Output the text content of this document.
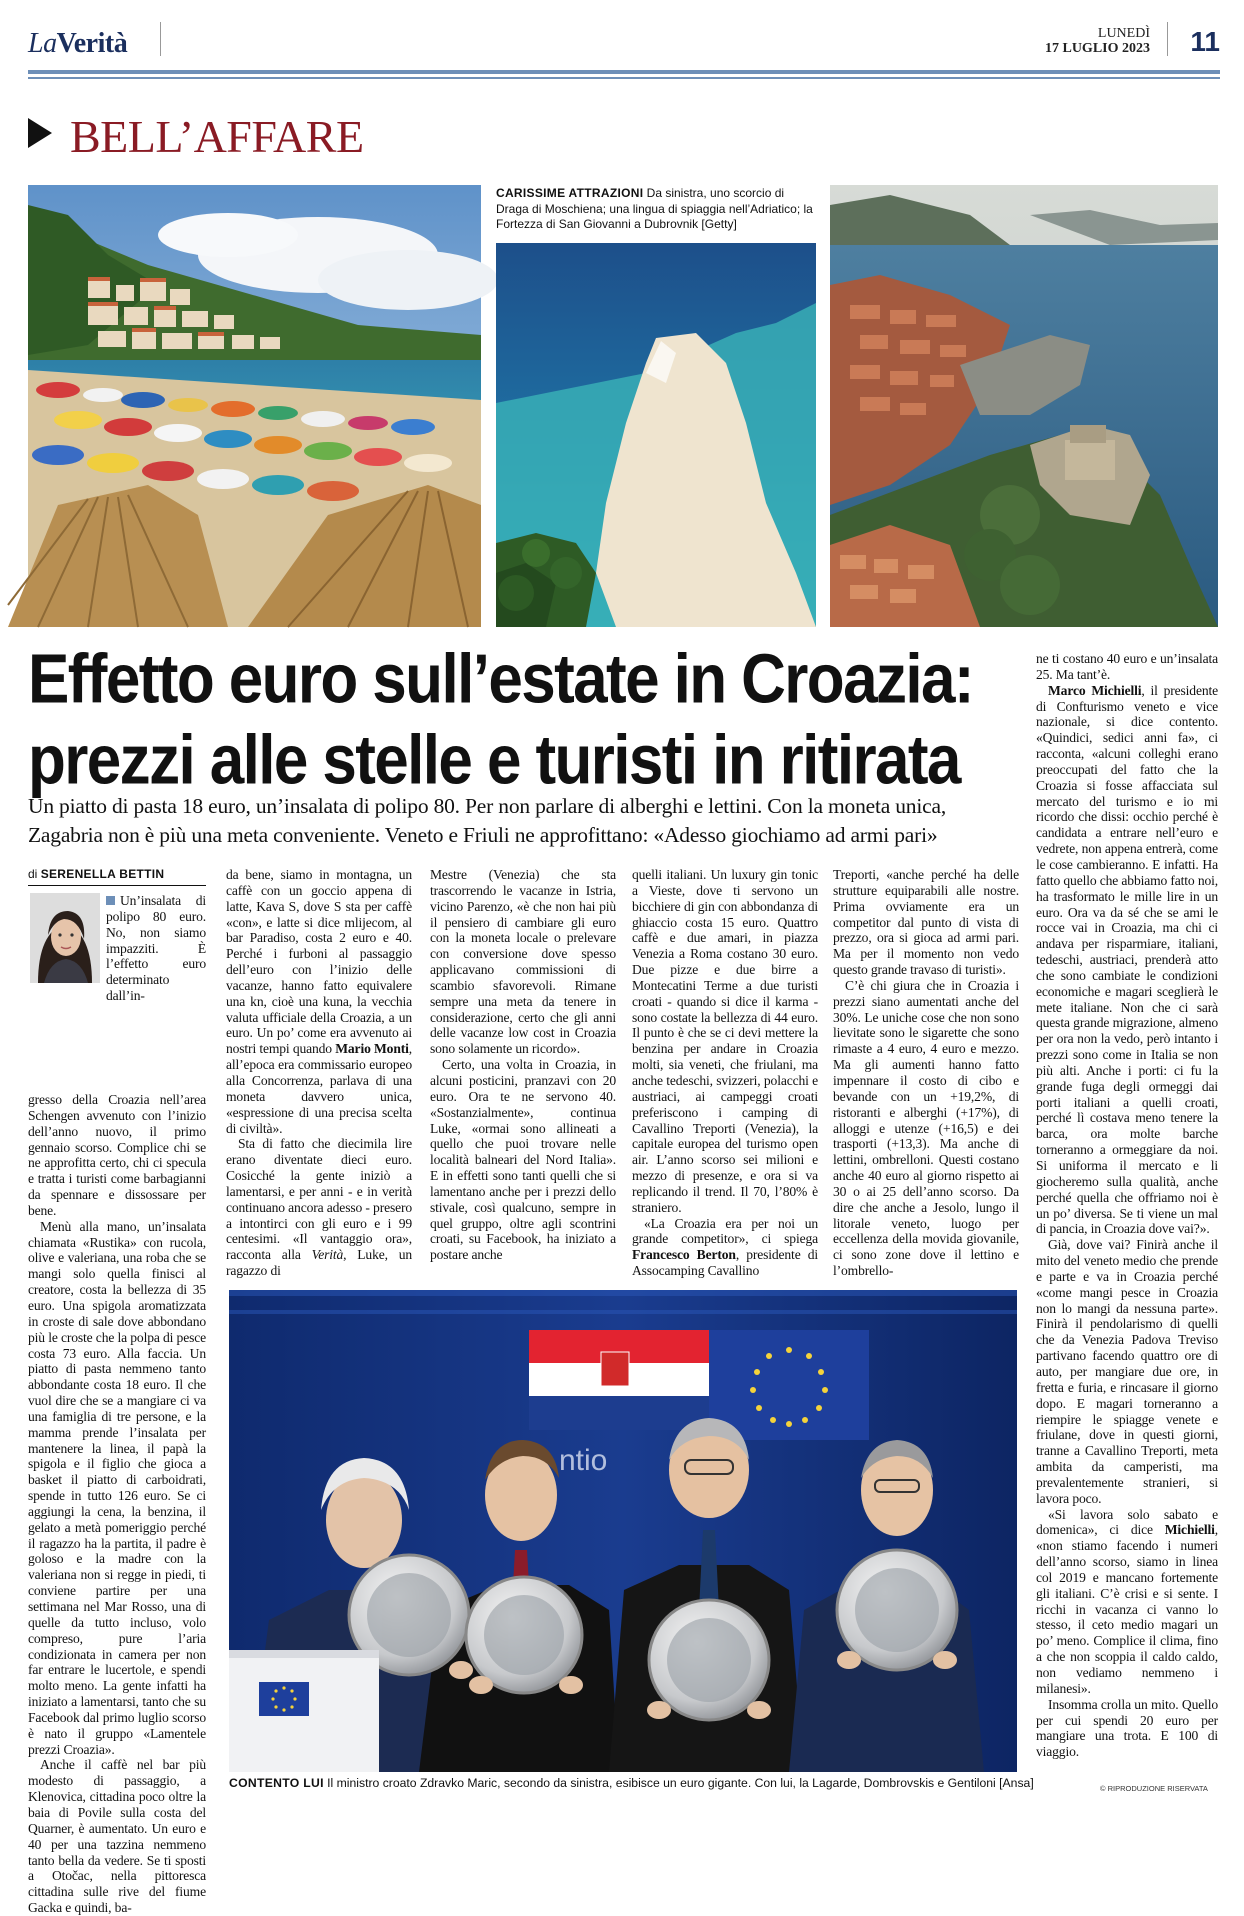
LaVerità	LUNEDÌ
17 LUGLIO 2023 11
BELL’AFFARE
CARISSIME ATTRAZIONI Da sinistra, uno scorcio di Draga di Moschiena; una lingua di spiaggia nell’Adriatico; la Fortezza di San Giovanni a Dubrovnik [Getty]
Effetto euro sull’estate in Croazia:
prezzi alle stelle e turisti in ritirata
Un piatto di pasta 18 euro, un’insalata di polipo 80. Per non parlare di alberghi e lettini. Con la moneta unica, Zagabria non è più una meta conveniente. Veneto e Friuli ne approfittano: «Adesso giochiamo ad armi pari»
di SERENELLA BETTIN

Un’insalata di polipo 80 euro. No, non siamo impazziti. È l’effetto euro determinato dall’in-

gresso della Croazia nell’area Schengen avvenuto con l’inizio dell’anno nuovo, il primo gennaio scorso. Complice chi se ne approfitta certo, chi ci specula e tratta i turisti come barbagianni da spennare e dissossare per bene.

Menù alla mano, un’insalata chiamata «Rustika» con rucola, olive e valeriana, una roba che se mangi solo quella finisci al creatore, costa la bellezza di 35 euro. Una spigola aromatizzata in croste di sale dove abbondano più le croste che la polpa di pesce costa 73 euro. Alla faccia. Un piatto di pasta nemmeno tanto abbondante costa 18 euro. Il che vuol dire che se a mangiare ci va una famiglia di tre persone, e la mamma prende l’insalata per mantenere la linea, il papà la spigola e il figlio che gioca a basket il piatto di carboidrati, spende in tutto 126 euro. Se ci aggiungi la cena, la benzina, il gelato a metà pomeriggio perché il ragazzo ha la partita, il padre è goloso e la madre con la valeriana non si regge in piedi, ti conviene partire per una settimana nel Mar Rosso, una di quelle da tutto incluso, volo compreso, pure l’aria condizionata in camera per non far entrare le lucertole, e spendi molto meno. La gente infatti ha iniziato a lamentarsi, tanto che su Facebook dal primo luglio scorso è nato il gruppo «Lamentele prezzi Croazia».

Anche il caffè nel bar più modesto di passaggio, a Klenovica, cittadina poco oltre la baia di Povile sulla costa del Quarner, è aumentato. Un euro e 40 per una tazzina nemmeno tanto bella da vedere. Se ti sposti a Otočac, nella pittoresca cittadina sulle rive del fiume Gacka e quindi, ba-

da bene, siamo in montagna, un caffè con un goccio appena di latte, Kava S, dove S sta per caffè «con», e latte si dice mlijecom, al bar Paradiso, costa 2 euro e 40. Perché i furboni al passaggio dell’euro con l’inizio delle vacanze, hanno fatto equivalere una kn, cioè una kuna, la vecchia valuta ufficiale della Croazia, a un euro. Un po’ come era avvenuto ai nostri tempi quando Mario Monti, all’epoca era commissario europeo alla Concorrenza, parlava di una moneta davvero unica, «espressione di una precisa scelta di civiltà».

Sta di fatto che diecimila lire erano diventate dieci euro. Cosicché la gente iniziò a lamentarsi, e per anni - e in verità continuano ancora adesso - presero a intontirci con gli euro e i 99 centesimi. «Il vantaggio ora», racconta alla Verità, Luke, un ragazzo di

Mestre (Venezia) che sta trascorrendo le vacanze in Istria, vicino Parenzo, «è che non hai più il pensiero di cambiare gli euro con la moneta locale o prelevare con conversione dove spesso applicavano commissioni di scambio sfavorevoli. Rimane sempre una meta da tenere in considerazione, certo che gli anni delle vacanze low cost in Croazia sono solamente un ricordo».

Certo, una volta in Croazia, in alcuni posticini, pranzavi con 20 euro. Ora te ne servono 40. «Sostanzialmente», continua Luke, «ormai sono allineati a quello che puoi trovare nelle località balneari del Nord Italia». E in effetti sono tanti quelli che si lamentano anche per i prezzi dello stivale, così qualcuno, sempre in quel gruppo, oltre agli scontrini croati, su Facebook, ha iniziato a postare anche

quelli italiani. Un luxury gin tonic a Vieste, dove ti servono un bicchiere di gin con abbondanza di ghiaccio costa 15 euro. Quattro caffè e due amari, in piazza Venezia a Roma costano 30 euro. Due pizze e due birre a Montecatini Terme a due turisti croati - quando si dice il karma - sono costate la bellezza di 44 euro. Il punto è che se ci devi mettere la benzina per andare in Croazia molti, sia veneti, che friulani, ma anche tedeschi, svizzeri, polacchi e austriaci, ai campeggi croati preferiscono i camping di Cavallino Treporti (Venezia), la capitale europea del turismo open air. L’anno scorso sei milioni e mezzo di presenze, e ora si va replicando il trend. Il 70, l’80% è straniero.

«La Croazia era per noi un grande competitor», ci spiega Francesco Berton, presidente di Assocamping Cavallino

Treporti, «anche perché ha delle strutture equiparabili alle nostre. Prima ovviamente era un competitor dal punto di vista di prezzo, ora si gioca ad armi pari. Ma per il momento non vedo questo grande travaso di turisti».

C’è chi giura che in Croazia i prezzi siano aumentati anche del 30%. Le uniche cose che non sono lievitate sono le sigarette che sono rimaste a 4 euro, 4 euro e mezzo. Ma gli aumenti hanno fatto impennare il costo di cibo e bevande con un +19,2%, di ristoranti e alberghi (+17%), di alloggi e utenze (+16,5) e dei trasporti (+13,3). Ma anche di lettini, ombrelloni. Questi costano anche 40 euro al giorno rispetto ai 30 o ai 25 dell’anno scorso. Da dire che anche a Jesolo, lungo il litorale veneto, luogo per eccellenza della movida giovanile, ci sono zone dove il lettino e l’ombrello-

ne ti costano 40 euro e un’insalata 25. Ma tant’è.

Marco Michielli, il presidente di Confturismo veneto e vice nazionale, si dice contento. «Quindici, sedici anni fa», ci racconta, «alcuni colleghi erano preoccupati del fatto che la Croazia si fosse affacciata sul mercato del turismo e io mi ricordo che dissi: occhio perché è candidata a entrare nell’euro e vedrete, non appena entrerà, come le cose cambieranno. E infatti. Ha fatto quello che abbiamo fatto noi, ha trasformato le mille lire in un euro. Ora va da sé che se ami le rocce vai in Croazia, ma chi ci andava per risparmiare, italiani, tedeschi, austriaci, prenderà atto che sono cambiate le condizioni economiche e magari sceglierà le mete italiane. Non che ci sarà questa grande migrazione, almeno per ora non la vedo, però intanto i prezzi sono come in Italia se non più alti. Anche i porti: ci fu la grande fuga degli ormeggi dai porti italiani a quelli croati, perché lì costava meno tenere la barca, ora molte barche torneranno a ormeggiare da noi. Si uniforma il mercato e li giocheremo sulla qualità, anche perché quella che offriamo noi è un po’ diversa. Se ti viene un mal di pancia, in Croazia dove vai?».

Già, dove vai? Finirà anche il mito del veneto medio che prende e parte e va in Croazia perché «come mangi pesce in Croazia non lo mangi da nessuna parte». Finirà il pendolarismo di quelli che da Venezia Padova Treviso partivano facendo quattro ore di auto, per mangiare due ore, in fretta e furia, e rincasare il giorno dopo. E magari torneranno a riempire le spiagge venete e friulane, dove in questi giorni, tranne a Cavallino Treporti, meta ambita da camperisti, ma prevalentemente stranieri, si lavora poco.

«Si lavora solo sabato e domenica», ci dice Michielli, «non stiamo facendo i numeri dell’anno scorso, siamo in linea col 2019 e mancano fortemente gli italiani. C’è crisi e si sente. I ricchi in vacanza ci vanno lo stesso, il ceto medio magari un po’ meno. Complice il clima, fino a che non scoppia il caldo caldo, non vediamo nemmeno i milanesi».

Insomma crolla un mito. Quello per cui spendi 20 euro per mangiare una trota. E 100 di viaggio.

ntio
CONTENTO LUI Il ministro croato Zdravko Maric, secondo da sinistra, esibisce un euro gigante. Con lui, la Lagarde, Dombrovskis e Gentiloni [Ansa]	© RIPRODUZIONE RISERVATA
